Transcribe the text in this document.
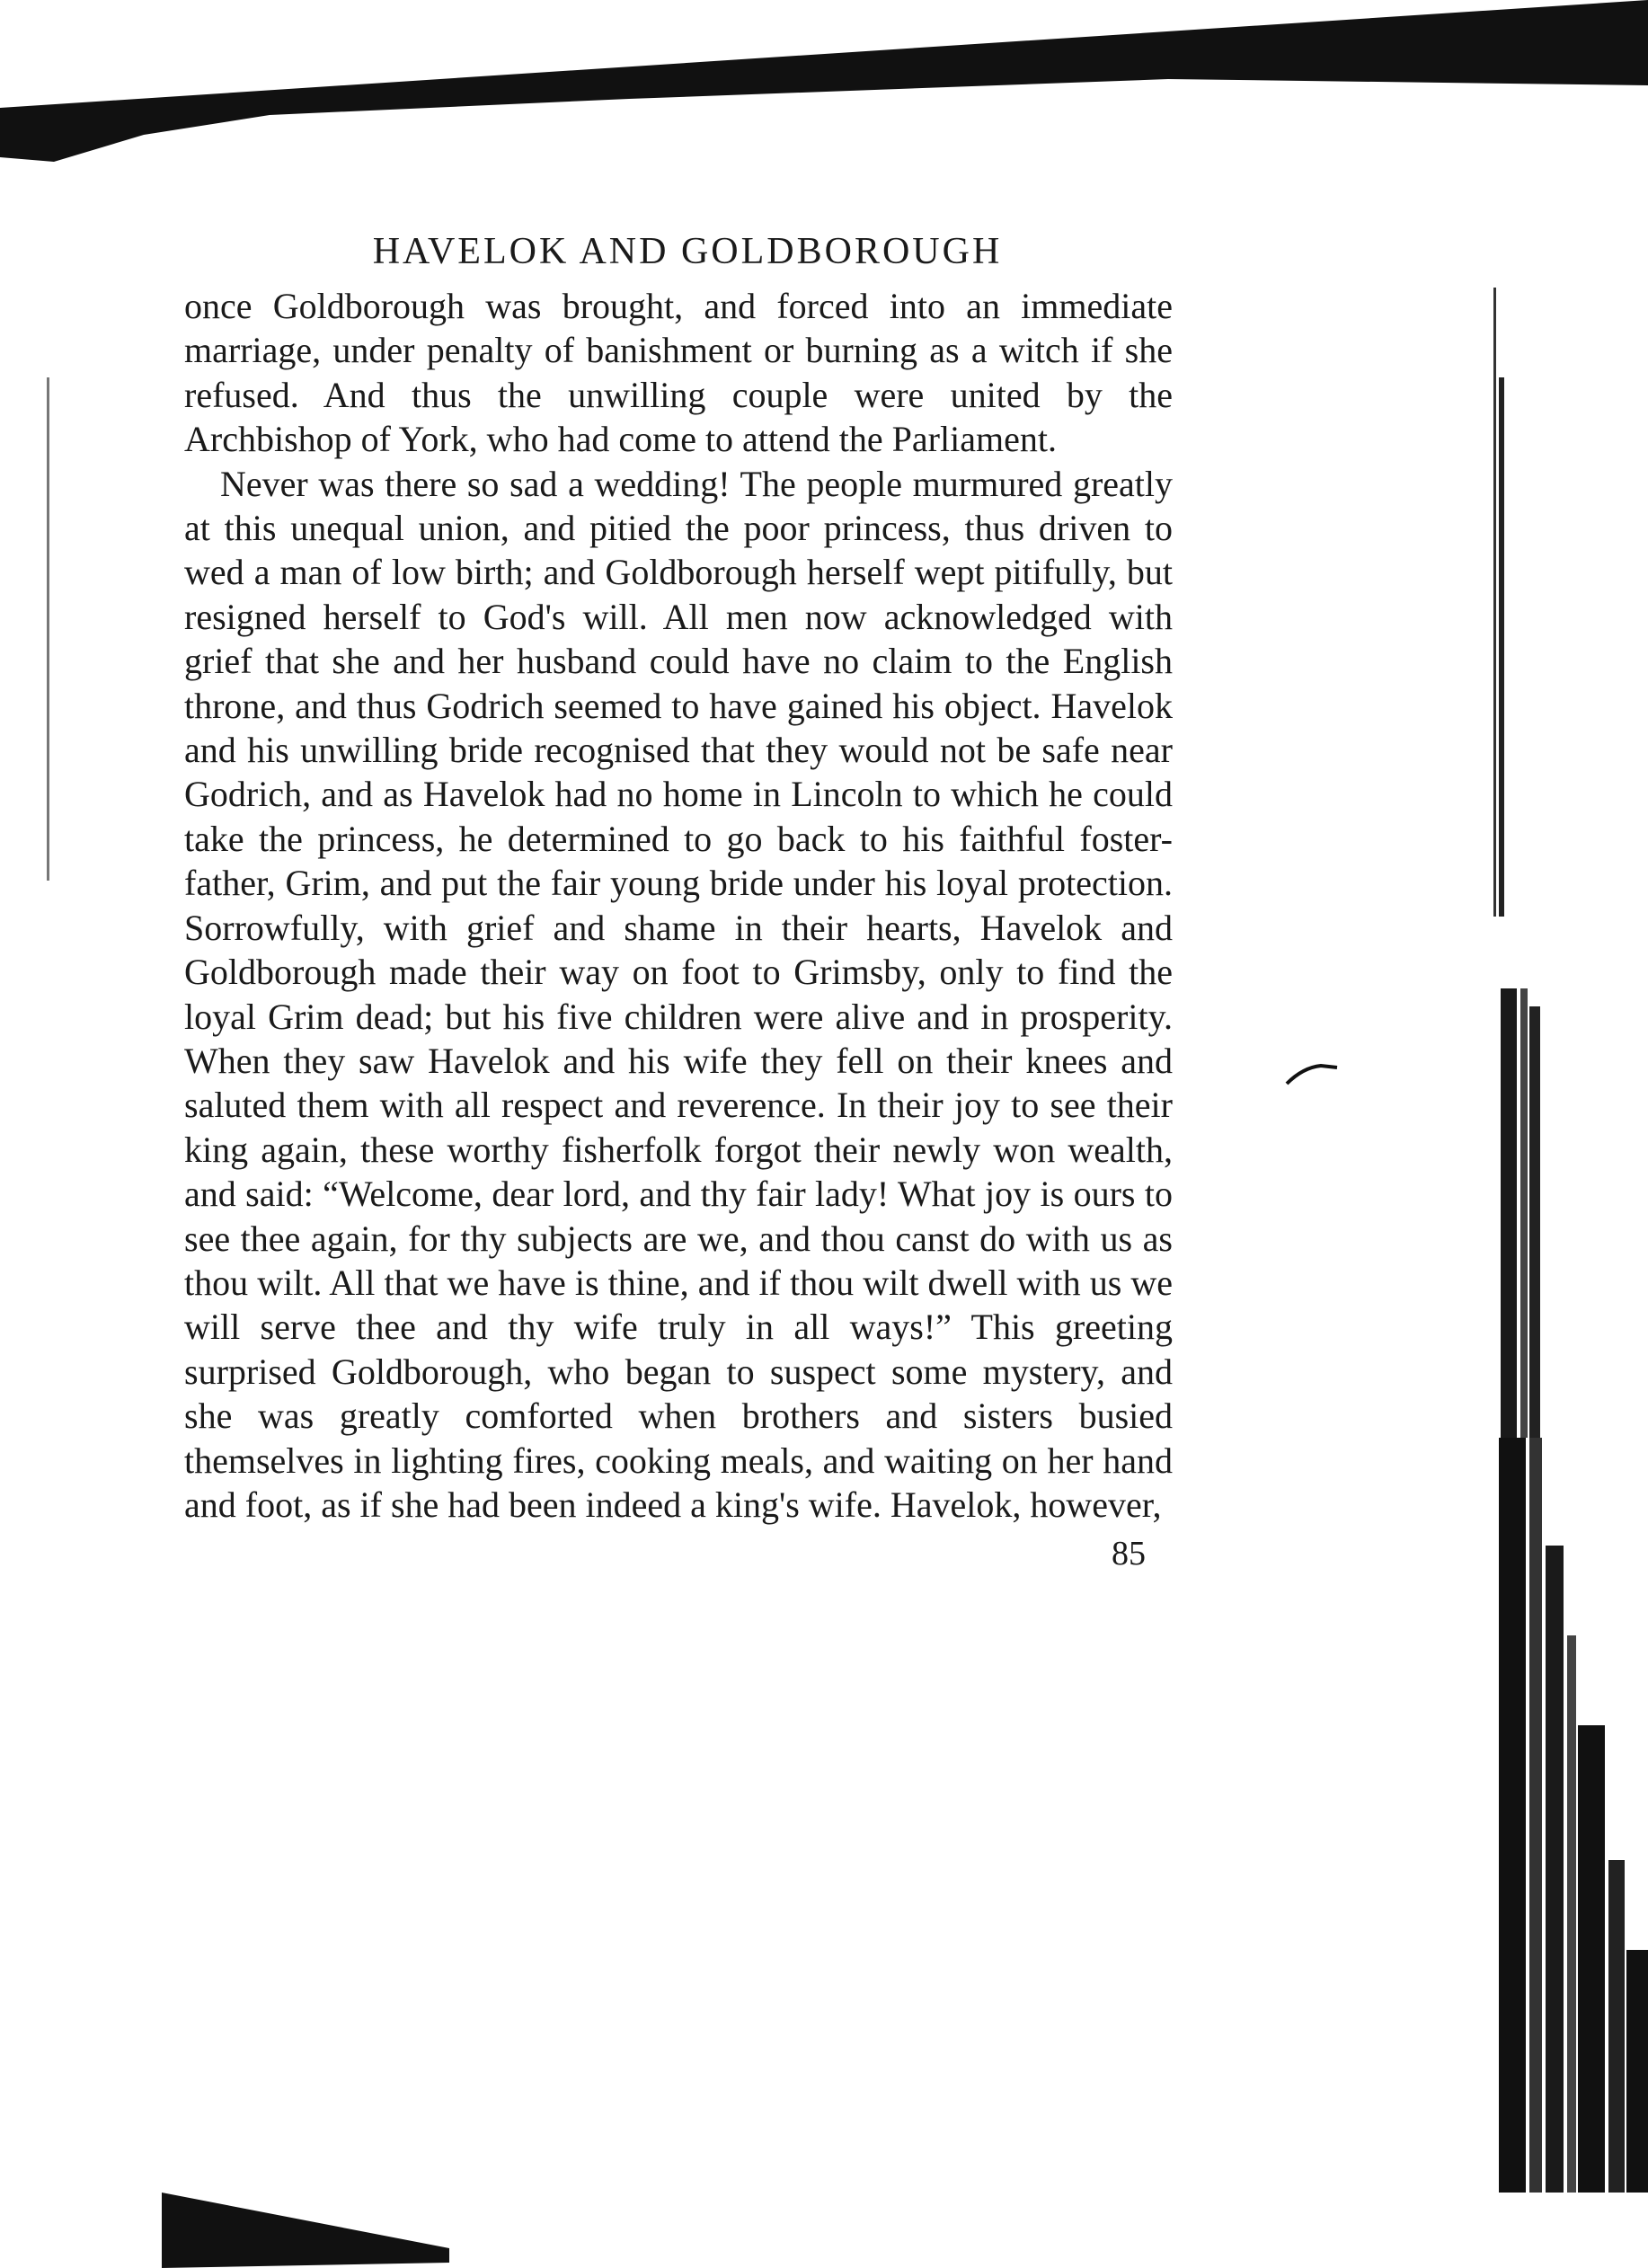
HAVELOK AND GOLDBOROUGH

once Goldborough was brought, and forced into an immediate marriage, under penalty of banishment or burning as a witch if she refused. And thus the unwilling couple were united by the Archbishop of York, who had come to attend the Parliament.

Never was there so sad a wedding! The people murmured greatly at this unequal union, and pitied the poor princess, thus driven to wed a man of low birth; and Goldborough herself wept pitifully, but resigned herself to God's will. All men now acknowledged with grief that she and her husband could have no claim to the English throne, and thus Godrich seemed to have gained his object. Havelok and his unwilling bride recognised that they would not be safe near Godrich, and as Havelok had no home in Lincoln to which he could take the princess, he determined to go back to his faithful foster-father, Grim, and put the fair young bride under his loyal protection. Sorrowfully, with grief and shame in their hearts, Havelok and Goldborough made their way on foot to Grimsby, only to find the loyal Grim dead; but his five children were alive and in prosperity. When they saw Havelok and his wife they fell on their knees and saluted them with all respect and reverence. In their joy to see their king again, these worthy fisherfolk forgot their newly won wealth, and said: “Welcome, dear lord, and thy fair lady! What joy is ours to see thee again, for thy subjects are we, and thou canst do with us as thou wilt. All that we have is thine, and if thou wilt dwell with us we will serve thee and thy wife truly in all ways!” This greeting surprised Goldborough, who began to suspect some mystery, and she was greatly comforted when brothers and sisters busied themselves in lighting fires, cooking meals, and waiting on her hand and foot, as if she had been indeed a king's wife. Havelok, however,

85
